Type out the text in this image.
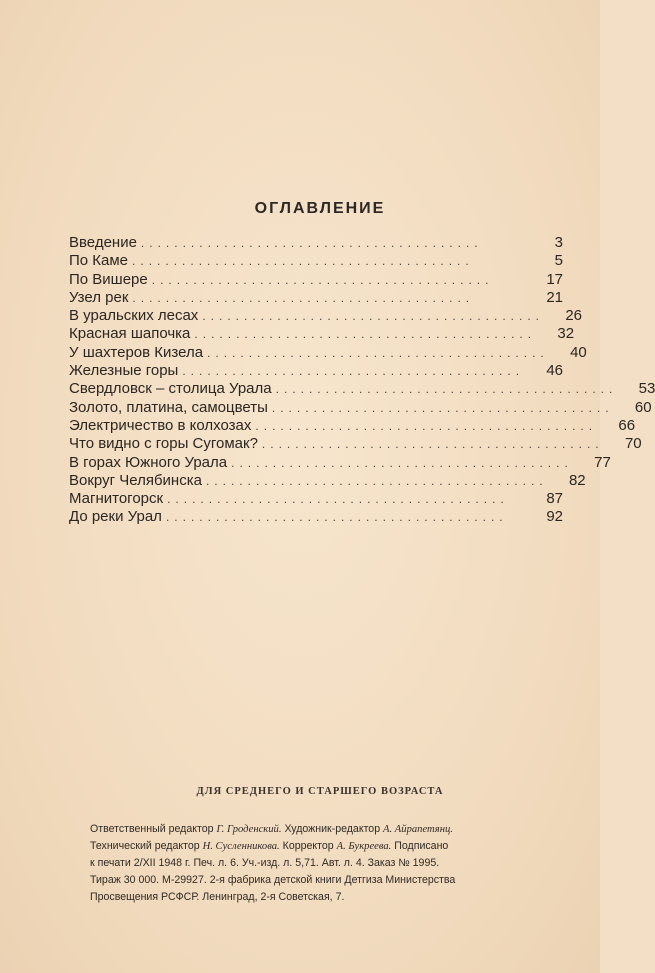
ОГЛАВЛЕНИЕ
Введение .........................................	3
По Каме .........................................	5
По Вишере .........................................	17
Узел рек .........................................	21
В уральских лесах .........................................	26
Красная шапочка .........................................	32
У шахтеров Кизела .........................................	40
Железные горы .........................................	46
Свердловск – столица Урала .........................................	53
Золото, платина, самоцветы .........................................	60
Электричество в колхозах .........................................	66
Что видно с горы Сугомак? .........................................	70
В горах Южного Урала .........................................	77
Вокруг Челябинска .........................................	82
Магнитогорск .........................................	87
До реки Урал .........................................	92
ДЛЯ СРЕДНЕГО И СТАРШЕГО ВОЗРАСТА
Ответственный редактор Г. Гроденский. Художник-редактор А. Айрапетянц.
Технический редактор Н. Сусленникова. Корректор А. Букреева. Подписано
к печати 2/XII 1948 г. Печ. л. 6. Уч.-изд. л. 5,71. Авт. л. 4. Заказ № 1995.
Тираж 30 000. М-29927. 2-я фабрика детской книги Детгиза Министерства
Просвещения РСФСР. Ленинград, 2-я Советская, 7.
